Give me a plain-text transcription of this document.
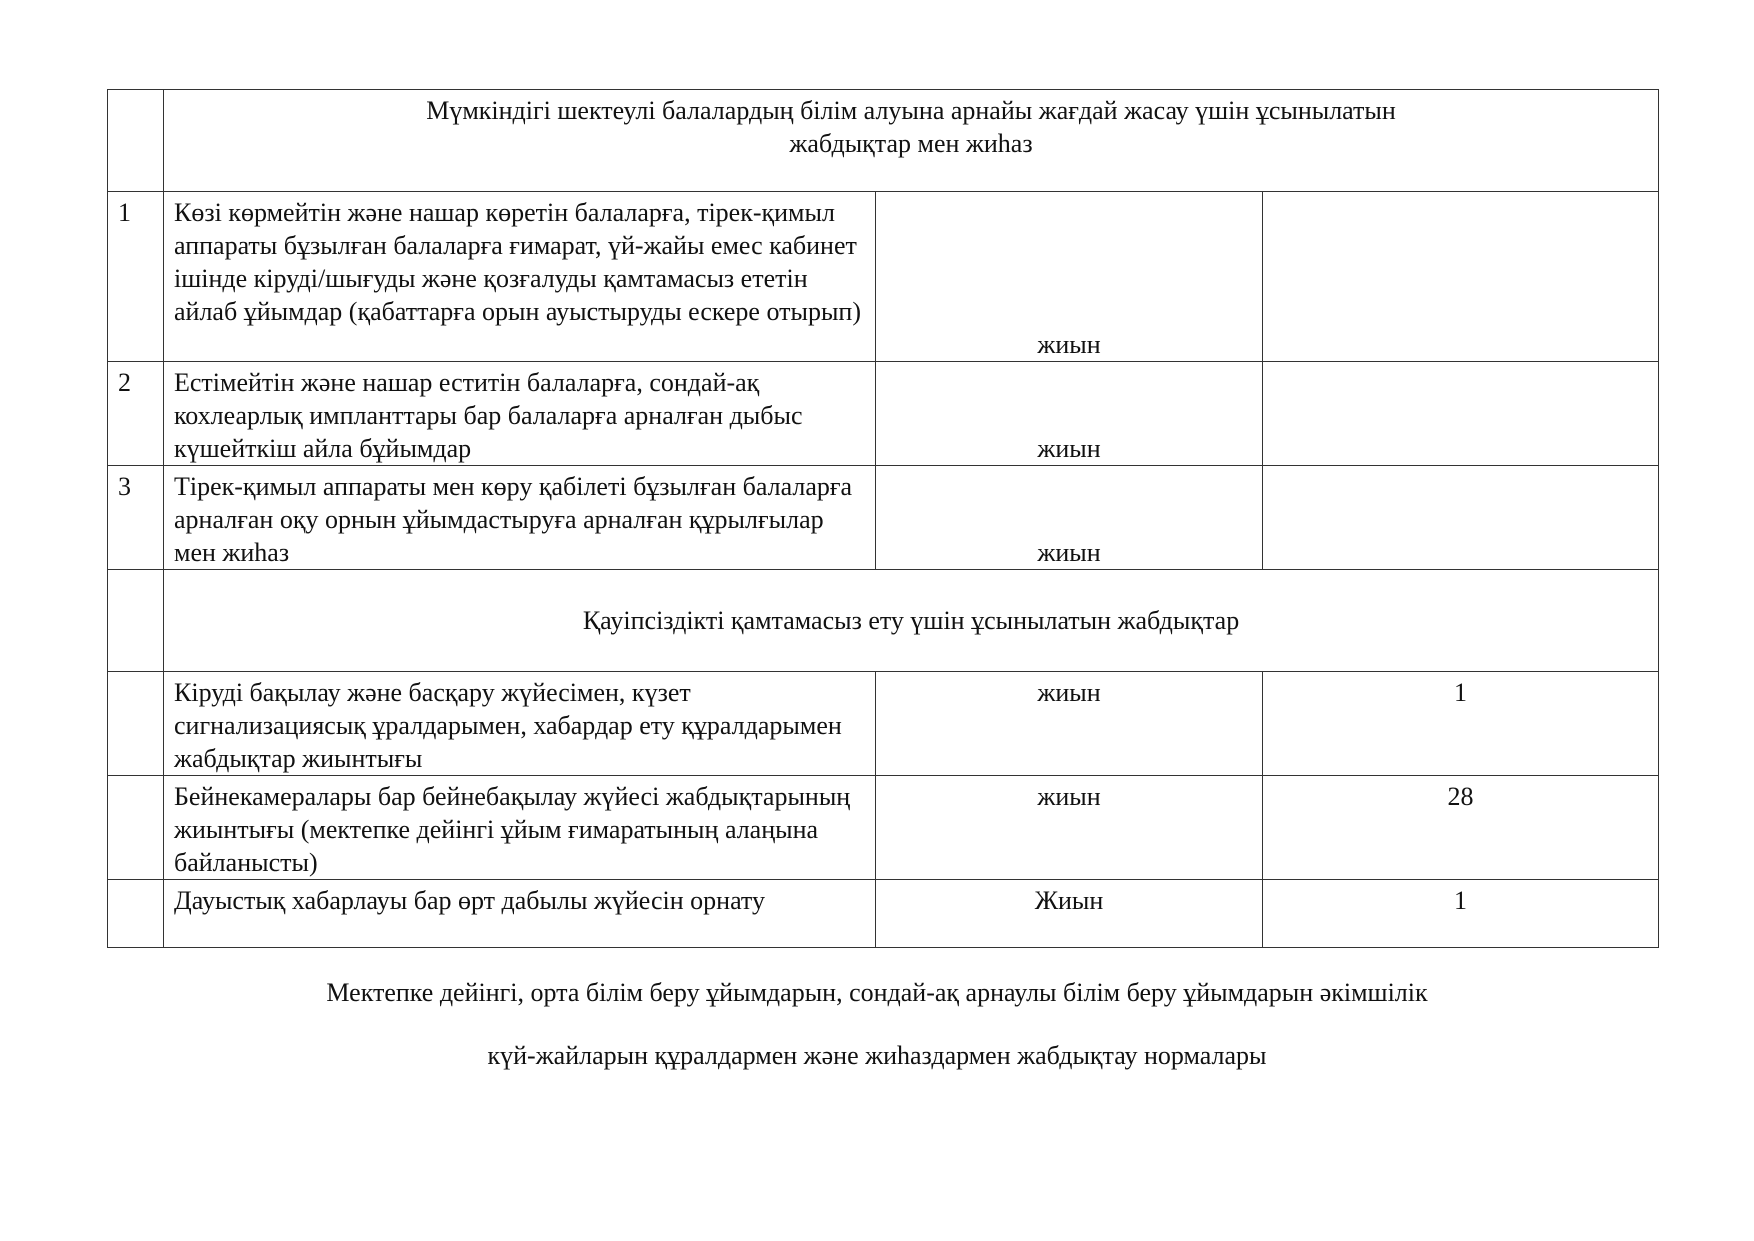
	Мүмкіндігі шектеулі балалардың білім алуына арнайы жағдай жасау үшін ұсынылатын
жабдықтар мен жиһаз		

1	Көзі көрмейтін және нашар көретін балаларға, тірек-қимыл аппараты бұзылған балаларға ғимарат, үй-жайы емес кабинет ішінде кіруді/шығуды және қозғалуды қамтамасыз ететін айлаб ұйымдар (қабаттарға орын ауыстыруды ескере отырып)	жиын	
2	Естімейтін және нашар еститін балаларға, сондай-ақ кохлеарлық импланттары бар балаларға арналған дыбыс күшейткіш айла бұйымдар	жиын	
3	Тірек-қимыл аппараты мен көру қабілеті бұзылған балаларға арналған оқу орнын ұйымдастыруға арналған құрылғылар мен жиһаз	жиын	

	Қауіпсіздікті қамтамасыз ету үшін ұсынылатын жабдықтар		

	Кіруді бақылау және басқару жүйесімен, күзет сигнализациясық ұралдарымен, хабардар ету құралдарымен жабдықтар жиынтығы	жиын	1
	Бейнекамералары бар бейнебақылау жүйесі жабдықтарының жиынтығы (мектепке дейінгі ұйым ғимаратының алаңына байланысты)	жиын	28
	Дауыстық хабарлауы бар өрт дабылы жүйесін орнату	Жиын	1
Мектепке дейінгі, орта білім беру ұйымдарын, сондай-ақ арнаулы білім беру ұйымдарын әкімшілік
күй-жайларын құралдармен және жиһаздармен жабдықтау нормалары
